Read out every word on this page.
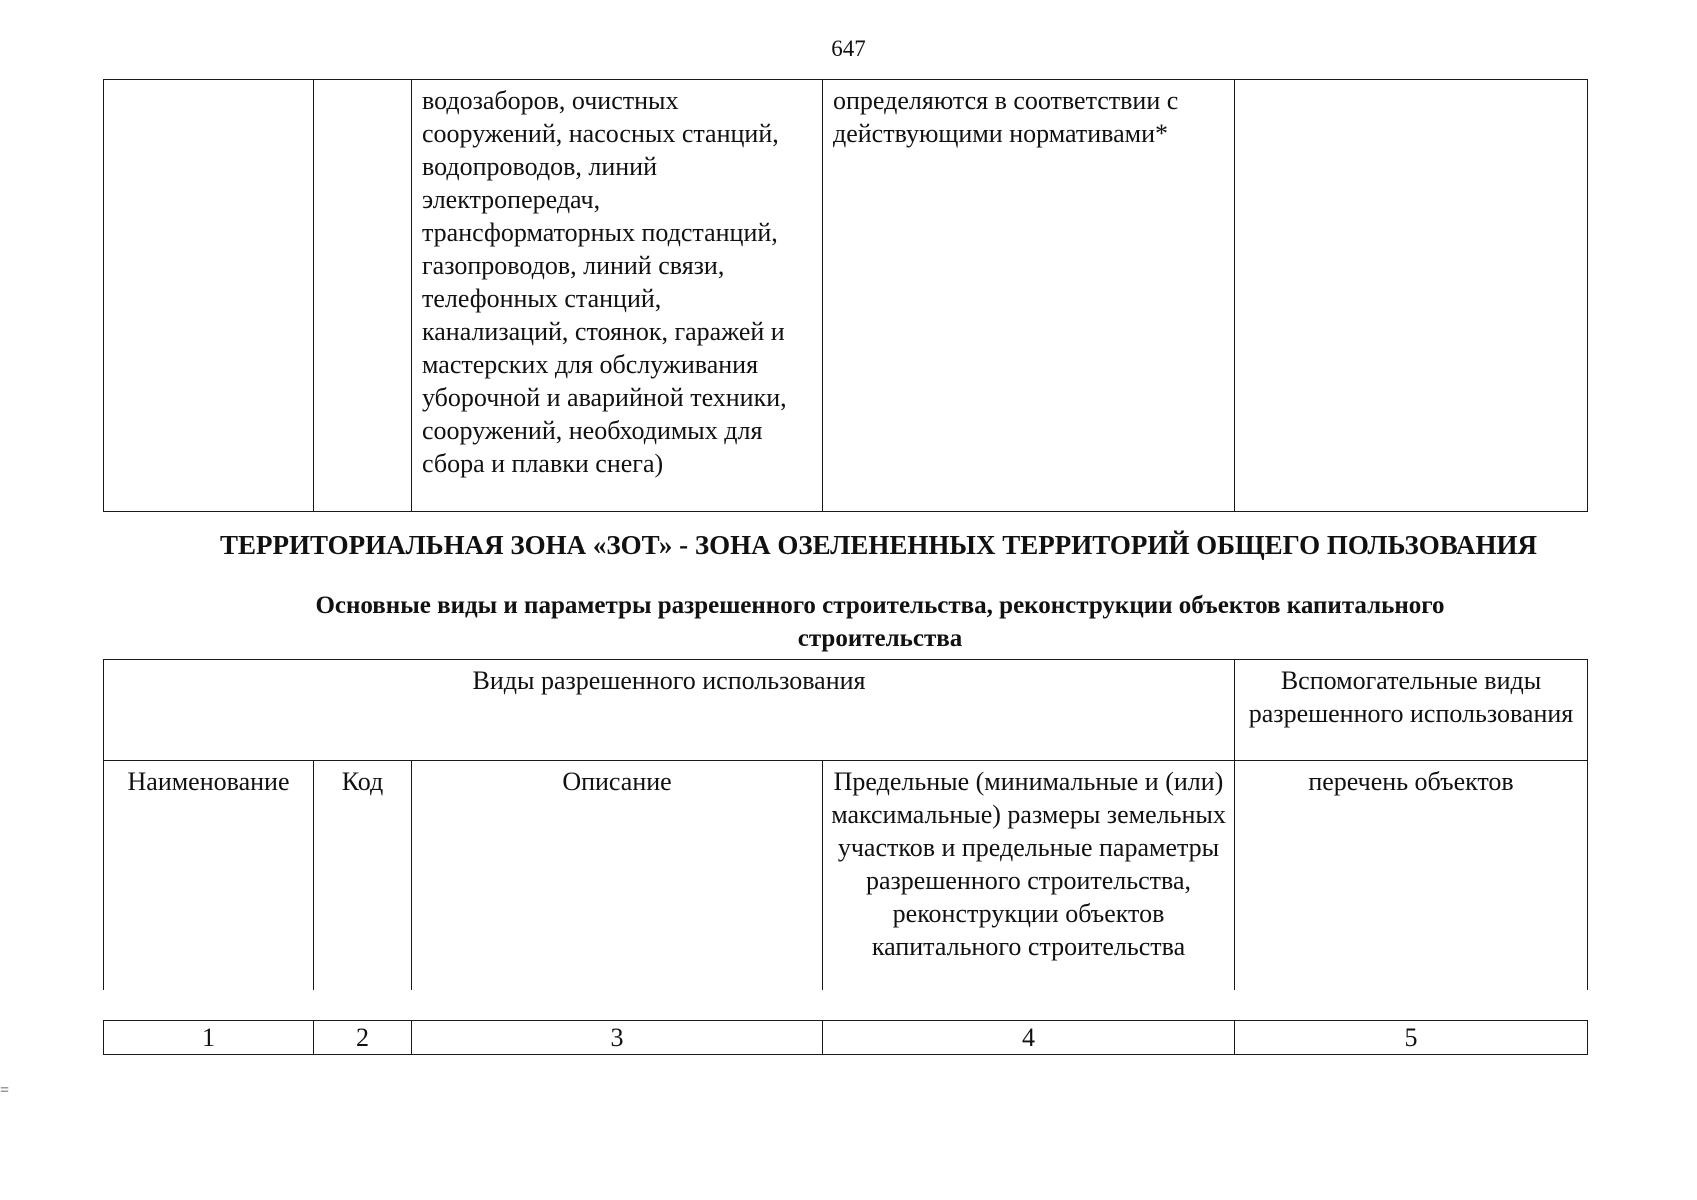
647
		водозаборов, очистных сооружений, насосных станций, водопроводов, линий электропередач, трансформаторных подстанций, газопроводов, линий связи, телефонных станций, канализаций, стоянок, гаражей и мастерских для обслуживания уборочной и аварийной техники, сооружений, необходимых для сбора и плавки снега)	определяются в соответствии с действующими нормативами*	
ТЕРРИТОРИАЛЬНАЯ ЗОНА «ЗОТ» - ЗОНА ОЗЕЛЕНЕННЫХ ТЕРРИТОРИЙ ОБЩЕГО ПОЛЬЗОВАНИЯ
Основные виды и параметры разрешенного строительства, реконструкции объектов капитального строительства
Виды разрешенного использования				Вспомогательные виды разрешенного использования
Наименование	Код	Описание	Предельные (минимальные и (или) максимальные) размеры земельных участков и предельные параметры разрешенного строительства, реконструкции объектов капитального строительства	перечень объектов
1	2	3	4	5
=
